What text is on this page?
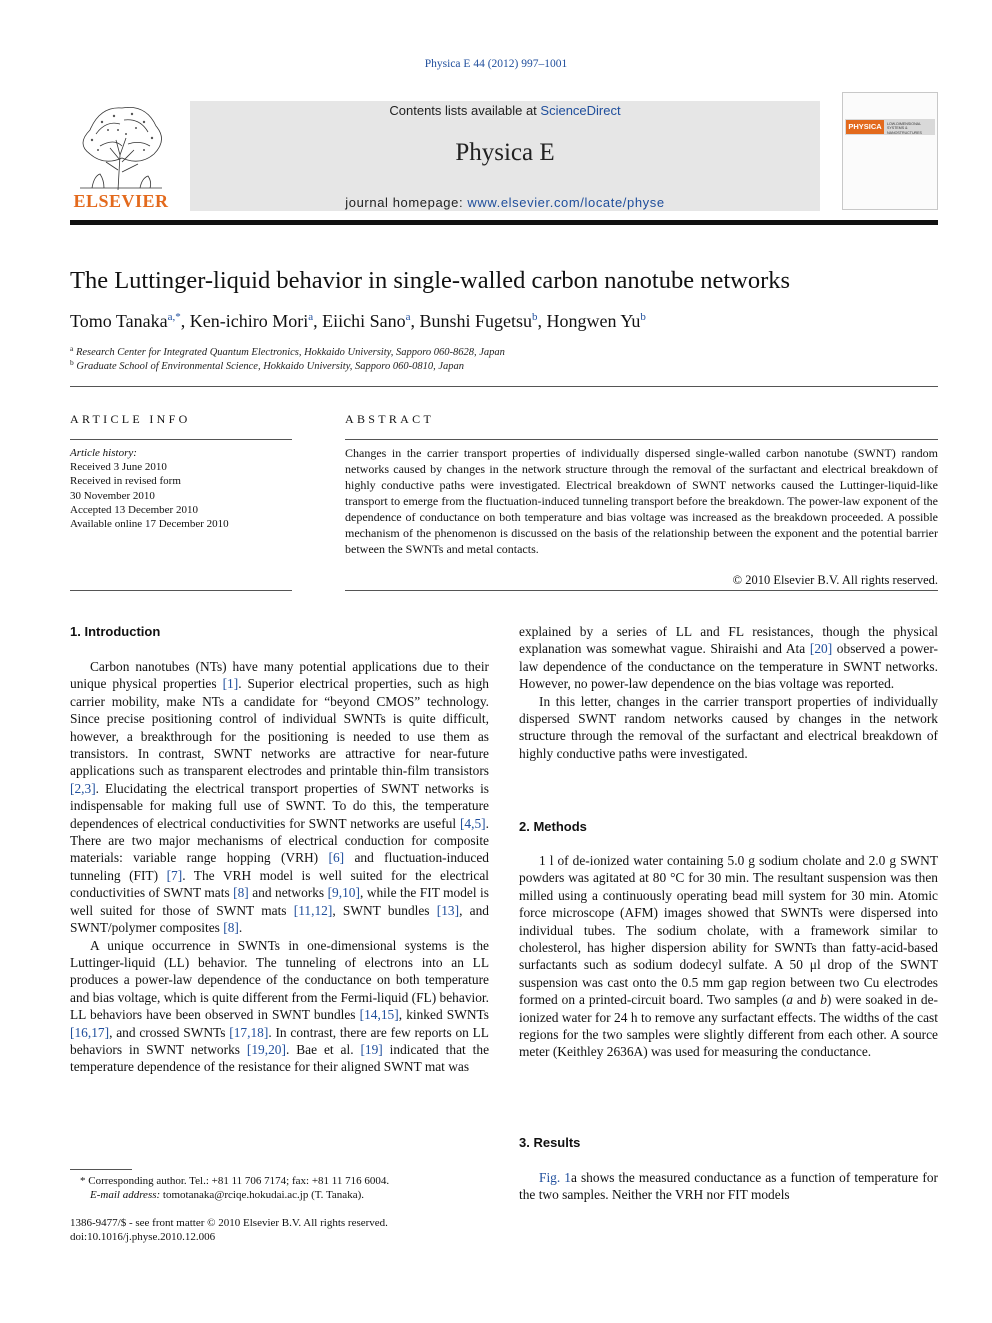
Physica E 44 (2012) 997–1001
ELSEVIER
Contents lists available at ScienceDirect
Physica E
journal homepage: www.elsevier.com/locate/physe
PHYSICA	LOW-DIMENSIONAL SYSTEMS & NANOSTRUCTURES
The Luttinger-liquid behavior in single-walled carbon nanotube networks
Tomo Tanaka$^{a,*}$, Ken-ichiro Mori$^a$, Eiichi Sano$^a$, Bunshi Fugetsu$^b$, Hongwen Yu$^b$
$^a$ Research Center for Integrated Quantum Electronics, Hokkaido University, Sapporo 060-8628, Japan
$^b$ Graduate School of Environmental Science, Hokkaido University, Sapporo 060-0810, Japan
ARTICLE INFO
Article history:
Received 3 June 2010
Received in revised form
30 November 2010
Accepted 13 December 2010
Available online 17 December 2010
ABSTRACT
Changes in the carrier transport properties of individually dispersed single-walled carbon nanotube (SWNT) random networks caused by changes in the network structure through the removal of the surfactant and electrical breakdown of highly conductive paths were investigated. Electrical breakdown of SWNT networks caused the Luttinger-liquid-like transport to emerge from the fluctuation-induced tunneling transport before the breakdown. The power-law exponent of the dependence of conductance on both temperature and bias voltage was increased as the breakdown proceeded. A possible mechanism of the phenomenon is discussed on the basis of the relationship between the exponent and the potential barrier between the SWNTs and metal contacts.
© 2010 Elsevier B.V. All rights reserved.
1. Introduction

Carbon nanotubes (NTs) have many potential applications due to their unique physical properties [1]. Superior electrical properties, such as high carrier mobility, make NTs a candidate for “beyond CMOS” technology. Since precise positioning control of individual SWNTs is quite difficult, however, a breakthrough for the positioning is needed to use them as transistors. In contrast, SWNT networks are attractive for near-future applications such as transparent electrodes and printable thin-film transistors [2,3]. Elucidating the electrical transport properties of SWNT networks is indispensable for making full use of SWNT. To do this, the temperature dependences of electrical conductivities for SWNT networks are useful [4,5]. There are two major mechanisms of electrical conduction for composite materials: variable range hopping (VRH) [6] and fluctuation-induced tunneling (FIT) [7]. The VRH model is well suited for the electrical conductivities of SWNT mats [8] and networks [9,10], while the FIT model is well suited for those of SWNT mats [11,12], SWNT bundles [13], and SWNT/polymer composites [8].

A unique occurrence in SWNTs in one-dimensional systems is the Luttinger-liquid (LL) behavior. The tunneling of electrons into an LL produces a power-law dependence of the conductance on both temperature and bias voltage, which is quite different from the Fermi-liquid (FL) behavior. LL behaviors have been observed in SWNT bundles [14,15], kinked SWNTs [16,17], and crossed SWNTs [17,18]. In contrast, there are few reports on LL behaviors in SWNT networks [19,20]. Bae et al. [19] indicated that the temperature dependence of the resistance for their aligned SWNT mat was

* Corresponding author. Tel.: +81 11 706 7174; fax: +81 11 716 6004.
E-mail address: tomotanaka@rciqe.hokudai.ac.jp (T. Tanaka).
1386-9477/$ - see front matter © 2010 Elsevier B.V. All rights reserved.
doi:10.1016/j.physe.2010.12.006

explained by a series of LL and FL resistances, though the physical explanation was somewhat vague. Shiraishi and Ata [20] observed a power-law dependence of the conductance on the temperature in SWNT networks. However, no power-law dependence on the bias voltage was reported.

In this letter, changes in the carrier transport properties of individually dispersed SWNT random networks caused by changes in the network structure through the removal of the surfactant and electrical breakdown of highly conductive paths were investigated.

2. Methods

1 l of de-ionized water containing 5.0 g sodium cholate and 2.0 g SWNT powders was agitated at 80 °C for 30 min. The resultant suspension was then milled using a continuously operating bead mill system for 30 min. Atomic force microscope (AFM) images showed that SWNTs were dispersed into individual tubes. The sodium cholate, with a framework similar to cholesterol, has higher dispersion ability for SWNTs than fatty-acid-based surfactants such as sodium dodecyl sulfate. A 50 μl drop of the SWNT suspension was cast onto the 0.5 mm gap region between two Cu electrodes formed on a printed-circuit board. Two samples (a and b) were soaked in de-ionized water for 24 h to remove any surfactant effects. The widths of the cast regions for the two samples were slightly different from each other. A source meter (Keithley 2636A) was used for measuring the conductance.

3. Results

Fig. 1a shows the measured conductance as a function of temperature for the two samples. Neither the VRH nor FIT models
